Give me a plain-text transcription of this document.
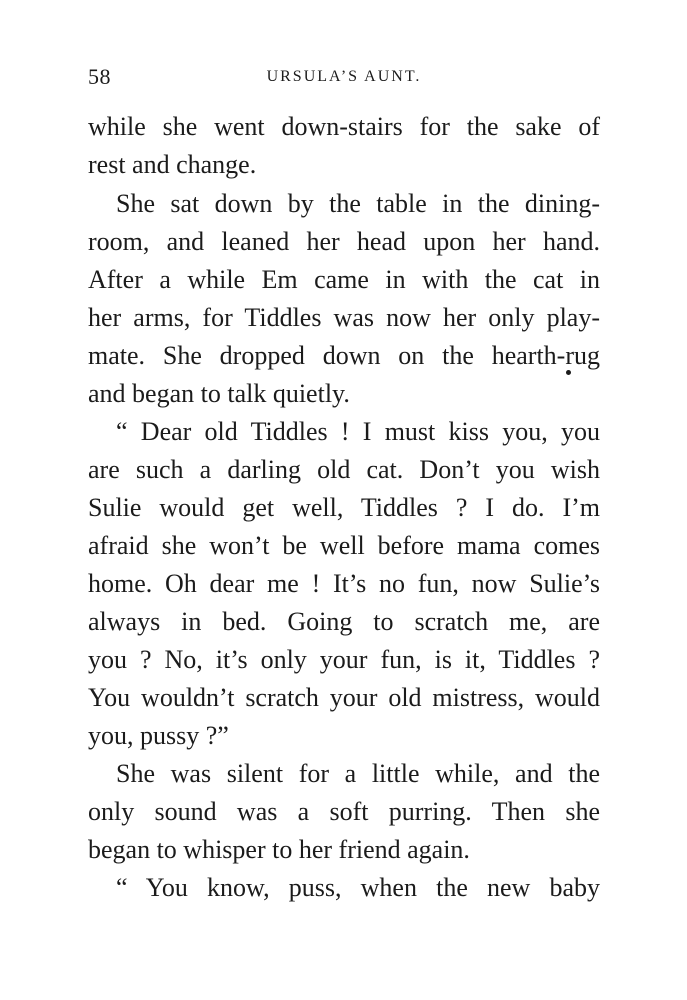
58	URSULA’S AUNT.
while she went down-stairs for the sake of
rest and change.
She sat down by the table in the dining-
room, and leaned her head upon her hand.
After a while Em came in with the cat in
her arms, for Tiddles was now her only play-
mate. She dropped down on the hearth-rug
and began to talk quietly.
“ Dear old Tiddles ! I must kiss you, you
are such a darling old cat. Don’t you wish
Sulie would get well, Tiddles ? I do. I’m
afraid she won’t be well before mama comes
home. Oh dear me ! It’s no fun, now Sulie’s
always in bed. Going to scratch me, are
you ? No, it’s only your fun, is it, Tiddles ?
You wouldn’t scratch your old mistress, would
you, pussy ?”
She was silent for a little while, and the
only sound was a soft purring. Then she
began to whisper to her friend again.
“ You know, puss, when the new baby
